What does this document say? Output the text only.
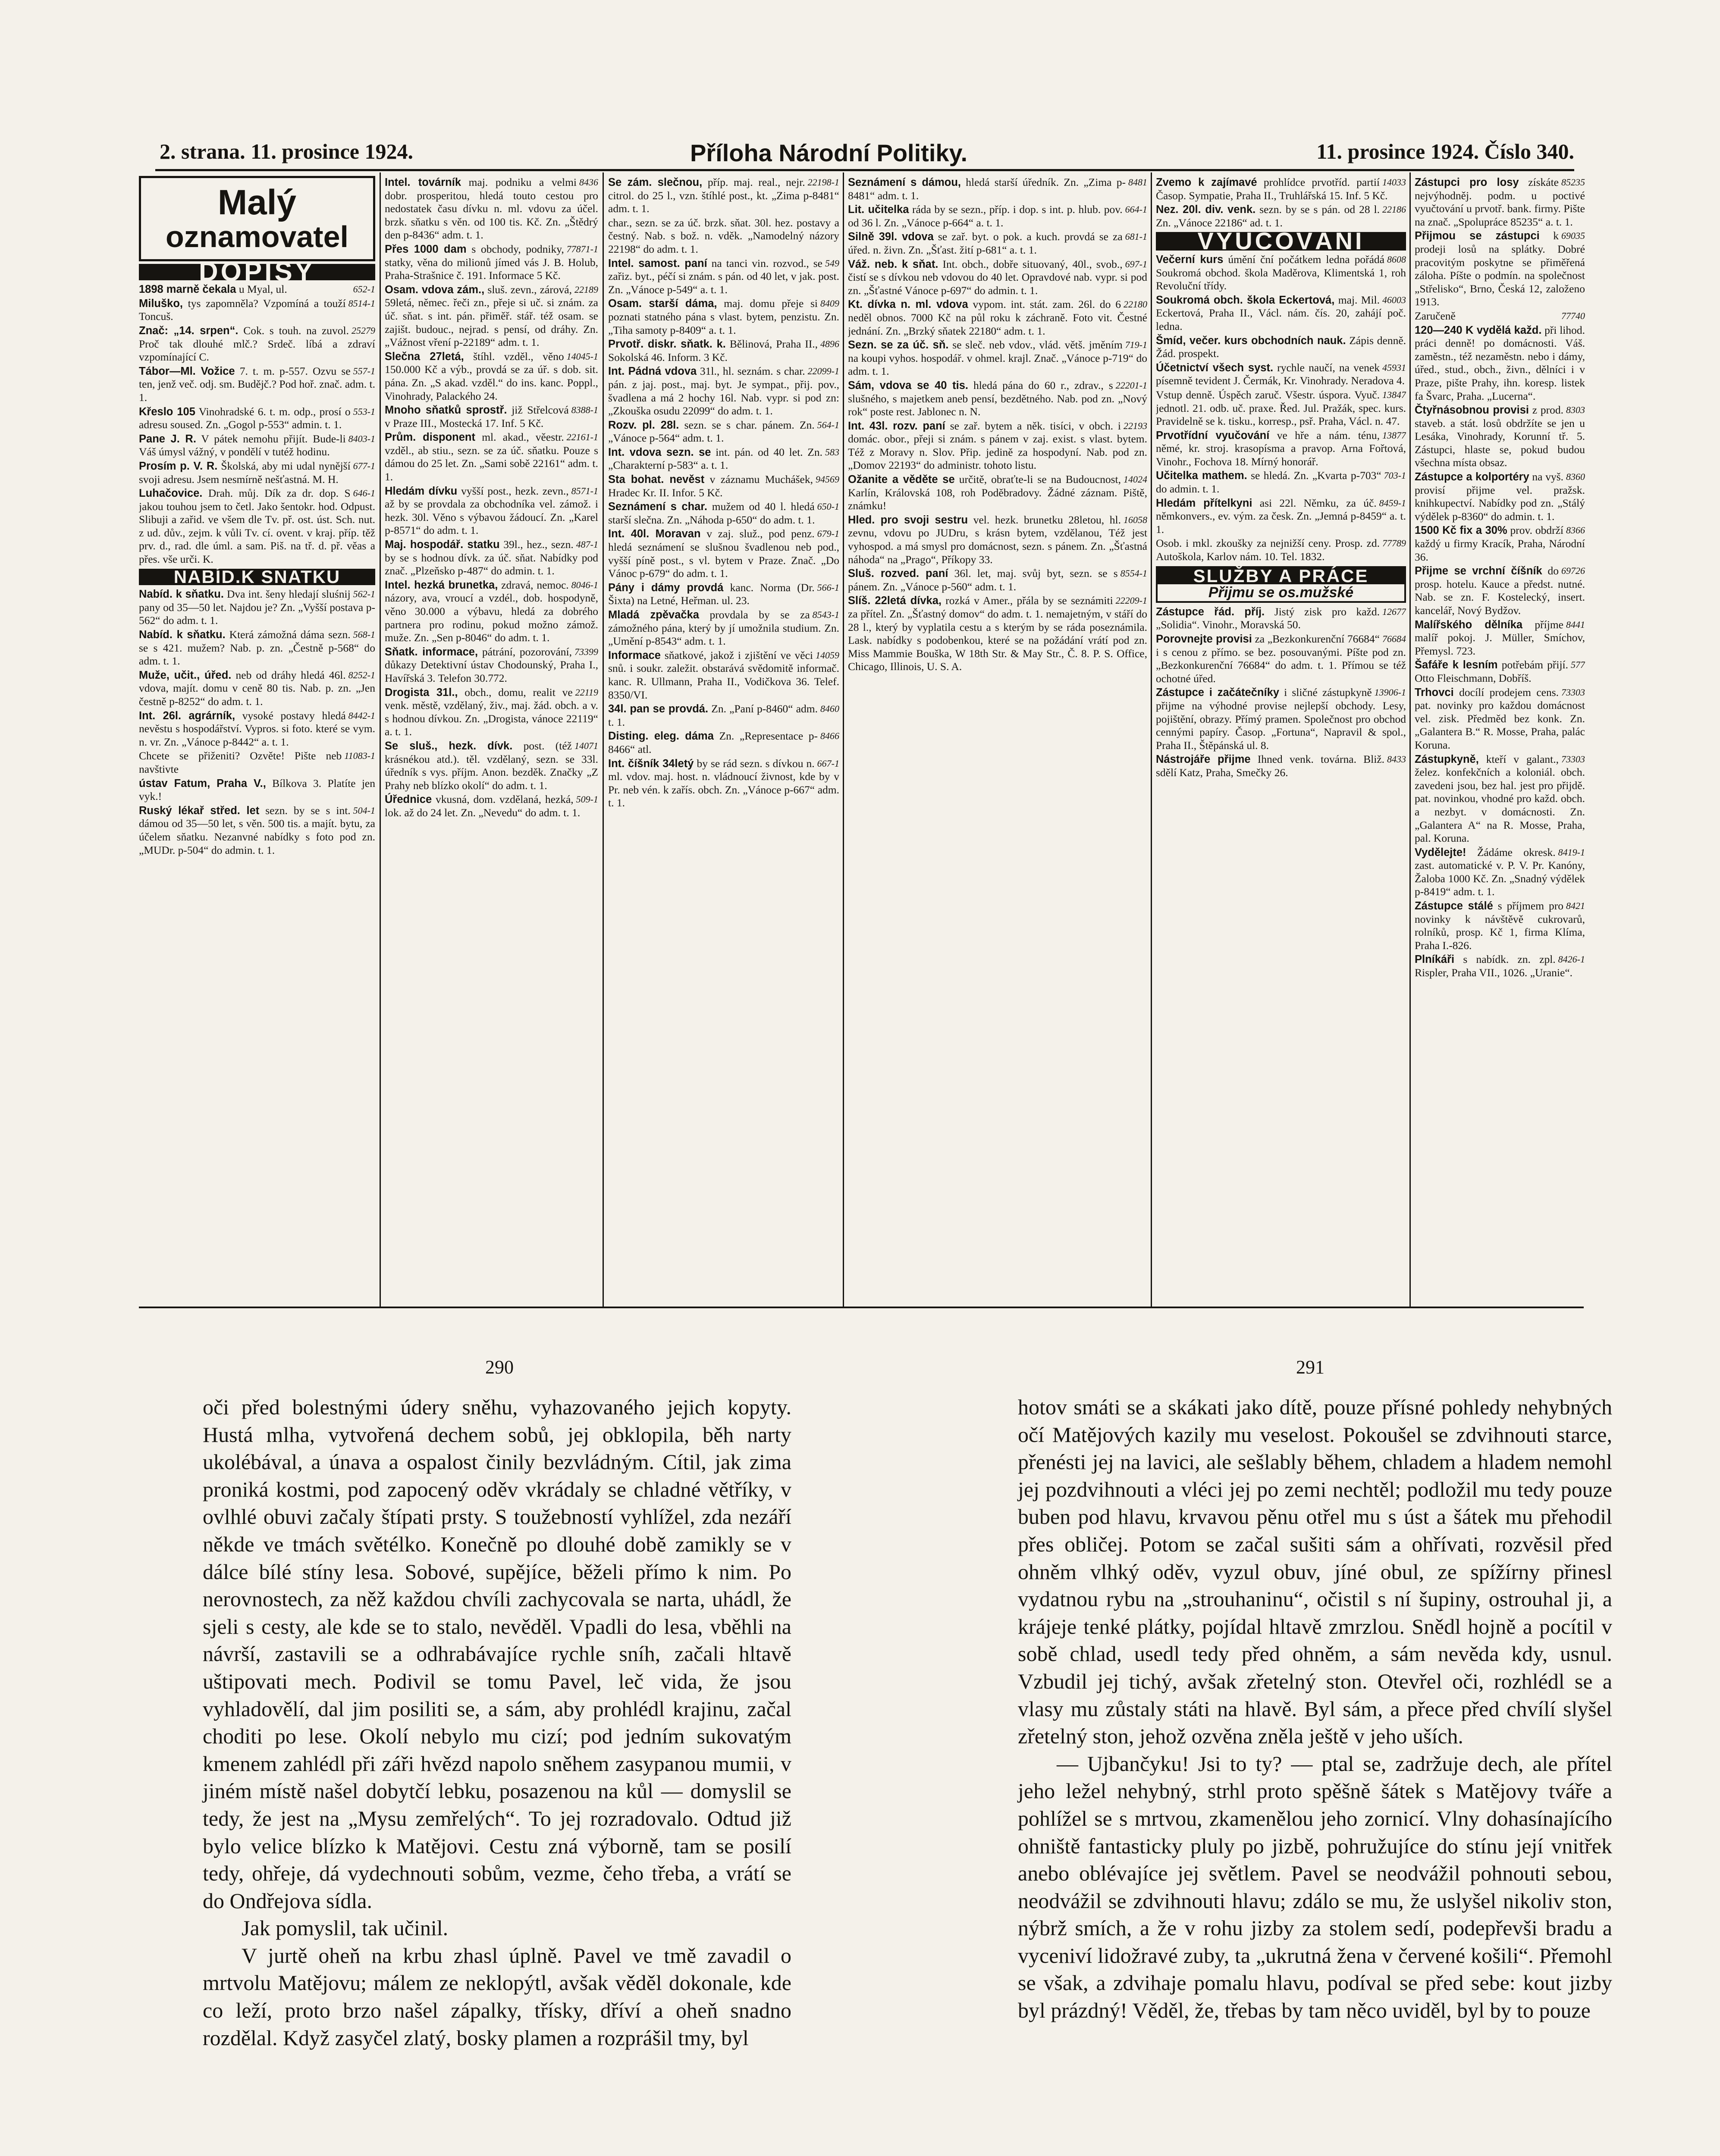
2. strana. 11. prosince 1924.	Příloha Národní Politiky.	11. prosince 1924. Číslo 340.
Malý
oznamovatel
DOPISY
652-1
1898 marně čekala u Myal, ul.
8514-1
Miluško, tys zapomněla? Vzpomíná a touží Toncuš.
25279
Znač: „14. srpen“. Cok. s touh. na zuvol. Proč tak dlouhé mlč.? Srdeč. líbá a zdraví vzpomínající C.
557-1
Tábor—Ml. Vožice 7. t. m. p-557. Ozvu se ten, jenž več. odj. sm. Budějč.? Pod hoř. znač. adm. t. 1.
553-1
Křeslo 105 Vinohradské 6. t. m. odp., prosí o adresu soused. Zn. „Gogol p-553“ admin. t. 1.
8403-1
Pane J. R. V pátek nemohu přijít. Bude-li Váš úmysl vážný, v pondělí v tutéž hodinu.
677-1
Prosím p. V. R. Školská, aby mi udal nynější svoji adresu. Jsem nesmírně nešťastná. M. H.
646-1
Luhačovice. Drah. můj. Dík za dr. dop. S jakou touhou jsem to četl. Jako šentokr. hod. Odpust. Slibuji a zařid. ve všem dle Tv. př. ost. úst. Sch. nut. z ud. dův., zejm. k vůli Tv. cí. ovent. v kraj. příp. těž prv. d., rad. dle úml. a sam. Piš. na tř. d. př. věas a přes. vše urči. K.
NABÍD.K SNATKU
562-1
Nabíd. k sňatku. Dva int. šeny hledají sluśnij pany od 35—50 let. Najdou je? Zn. „Vyšší postava p-562“ do adm. t. 1.
568-1
Nabíd. k sňatku. Která zámožná dáma sezn. se s 421. mužem? Nab. p. zn. „Čestně p-568“ do adm. t. 1.
8252-1
Muže, učit., úřed. neb od dráhy hledá 46l. vdova, majít. domu v ceně 80 tis. Nab. p. zn. „Jen čestně p-8252“ do adm. t. 1.
8442-1
Int. 26l. agrárník, vysoké postavy hledá nevěstu s hospodářství. Vypros. si foto. které se vym. n. vr. Zn. „Vánoce p-8442“ a. t. 1.
11083-1
Chcete se přiženiti? Ozvěte! Pište neb navštivte
ústav Fatum, Praha V., Bílkova 3. Platíte jen vyk.!
504-1
Ruský lékař střed. let sezn. by se s int. dámou od 35—50 let, s věn. 500 tis. a majít. bytu, za účelem sňatku. Nezanvné nabídky s foto pod zn. „MUDr. p-504“ do admin. t. 1.
8436
Intel. továrník maj. podniku a velmi dobr. prosperitou, hledá touto cestou pro nedostatek času dívku n. ml. vdovu za účel. brzk. sňatku s věn. od 100 tis. Kč. Zn. „Štědrý den p-8436“ adm. t. 1.
77871-1
Přes 1000 dam s obchody, podniky, statky, věna do milionů jímed vás J. B. Holub, Praha-Strašnice č. 191. Informace 5 Kč.
22189
Osam. vdova zám., sluš. zevn., zárová, 59letá, němec. řeči zn., přeje si uč. si znám. za úč. sňat. s int. pán. přiměř. stář. též osam. se zajišt. budouc., nejrad. s pensí, od dráhy. Zn. „Vážnost vření p-22189“ adm. t. 1.
14045-1
Slečna 27letá, štíhl. vzděl., věno 150.000 Kč a výb., provdá se za úř. s dob. sit. pána. Zn. „S akad. vzděl.“ do ins. kanc. Poppl., Vinohrady, Palackého 24.
8388-1
Mnoho sňatků sprostř. již Střelcová v Praze III., Mostecká 17. Inf. 5 Kč.
22161-1
Prům. disponent ml. akad., věestr. vzděl., ab stiu., sezn. se za úč. sňatku. Pouze s dámou do 25 let. Zn. „Sami sobě 22161“ adm. t. 1.
8571-1
Hledám dívku vyšší post., hezk. zevn., až by se provdala za obchodníka vel. zámož. i hezk. 30l. Věno s výbavou žádoucí. Zn. „Karel p-8571“ do adm. t. 1.
487-1
Maj. hospodář. statku 39l., hez., sezn. by se s hodnou dívk. za úč. sňat. Nabídky pod znač. „Plzeňsko p-487“ do admin. t. 1.
8046-1
Intel. hezká brunetka, zdravá, nemoc. názory, ava, vroucí a vzdél., dob. hospodyně, věno 30.000 a výbavu, hledá za dobrého partnera pro rodinu, pokud možno zámož. muže. Zn. „Sen p-8046“ do adm. t. 1.
73399
Sňatk. informace, pátrání, pozorování, důkazy Detektivní ústav Chodounský, Praha I., Havířská 3. Telefon 30.772.
22119
Drogista 31l., obch., domu, realit ve venk. městě, vzdělaný, živ., maj. žád. obch. a v. s hodnou dívkou. Zn. „Drogista, vánoce 22119“ a. t. 1.
14071
Se sluš., hezk. dívk. post. (též krásnékou atd.). těl. vzdělaný, sezn. se 33l. úředník s vys. příjm. Anon. bezděk. Značky „Z Prahy neb blízko okolí“ do adm. t. 1.
509-1
Úřednice vkusná, dom. vzdělaná, hezká, lok. až do 24 let. Zn. „Nevedu“ do adm. t. 1.
22198-1
Se zám. slečnou, příp. maj. real., nejr. citrol. do 25 l., vzn. štíhlé post., kt. „Zima p-8481“ adm. t. 1.
char., sezn. se za úč. brzk. sňat. 30l. hez. postavy a čestný. Nab. s bož. n. vděk. „Namodelný názory 22198“ do adm. t. 1.
549
Intel. samost. paní na tanci vin. rozvod., se zařiz. byt., péčí si znám. s pán. od 40 let, v jak. post. Zn. „Vánoce p-549“ a. t. 1.
8409
Osam. starší dáma, maj. domu přeje si poznati statného pána s vlast. bytem, penzistu. Zn. „Tiha samoty p-8409“ a. t. 1.
4896
Prvotř. diskr. sňatk. k. Bělinová, Praha II., Sokolská 46. Inform. 3 Kč.
22099-1
Int. Pádná vdova 31l., hl. seznám. s char. pán. z jaj. post., maj. byt. Je sympat., přij. pov., švadlena a má 2 hochy 16l. Nab. vypr. si pod zn: „Zkouška osudu 22099“ do adm. t. 1.
564-1
Rozv. pl. 28l. sezn. se s char. pánem. Zn. „Vánoce p-564“ adm. t. 1.
583
Int. vdova sezn. se int. pán. od 40 let. Zn. „Charakterní p-583“ a. t. 1.
94569
Sta bohat. nevěst v záznamu Muchášek, Hradec Kr. II. Infor. 5 Kč.
650-1
Seznámení s char. mužem od 40 l. hledá starší slečna. Zn. „Náhoda p-650“ do adm. t. 1.
679-1
Int. 40l. Moravan v zaj. služ., pod penz. hledá seznámení se slušnou švadlenou neb pod., vyšší píně post., s vl. bytem v Praze. Znač. „Do Vánoc p-679“ do adm. t. 1.
566-1
Pány i dámy provdá kanc. Norma (Dr. Šixta) na Letné, Heřman. ul. 23.
8543-1
Mladá zpěvačka provdala by se za zámožného pána, který by jí umožnila studium. Zn. „Umění p-8543“ adm. t. 1.
14059
Informace sňatkové, jakož i zjištění ve věci snů. i soukr. zaležit. obstarává svědomitě informač. kanc. R. Ullmann, Praha II., Vodičkova 36. Telef. 8350/VI.
8460
34l. pan se provdá. Zn. „Paní p-8460“ adm. t. 1.
8466
Disting. eleg. dáma Zn. „Representace p-8466“ atl.
667-1
Int. číšník 34letý by se rád sezn. s dívkou n. ml. vdov. maj. host. n. vládnoucí živnost, kde by v Pr. neb vén. k zařís. obch. Zn. „Vánoce p-667“ adm. t. 1.
8481
Seznámení s dámou, hledá starší úředník. Zn. „Zima p-8481“ adm. t. 1.
664-1
Lit. učitelka ráda by se sezn., příp. i dop. s int. p. hlub. pov. od 36 l. Zn. „Vánoce p-664“ a. t. 1.
681-1
Silně 39l. vdova se zař. byt. o pok. a kuch. provdá se za úřed. n. živn. Zn. „Šťast. žití p-681“ a. t. 1.
697-1
Váž. neb. k sňat. Int. obch., dobře situovaný, 40l., svob., čistí se s dívkou neb vdovou do 40 let. Opravdové nab. vypr. si pod zn. „Šťastné Vánoce p-697“ do admin. t. 1.
22180
Kt. dívka n. ml. vdova vypom. int. stát. zam. 26l. do 6 neděl obnos. 7000 Kč na půl roku k záchraně. Foto vit. Čestné jednání. Zn. „Brzký sňatek 22180“ adm. t. 1.
719-1
Sezn. se za úč. sň. se sleč. neb vdov., vlád. větš. jměním na koupi vyhos. hospodář. v ohmel. krajl. Znač. „Vánoce p-719“ do adm. t. 1.
22201-1
Sám, vdova se 40 tis. hledá pána do 60 r., zdrav., s slušného, s majetkem aneb pensí, bezdětného. Nab. pod zn. „Nový rok“ poste rest. Jablonec n. N.
22193
Int. 43l. rozv. paní se zař. bytem a něk. tisíci, v obch. i domác. obor., přeji si znám. s pánem v zaj. exist. s vlast. bytem. Též z Moravy n. Slov. Přip. jedině za hospodyní. Nab. pod zn. „Domov 22193“ do administr. tohoto listu.
14024
Ožanite a věděte se určitě, obraťte-li se na Budoucnost, Karlín, Královská 108, roh Poděbradovy. Žádné záznam. Piště, známku!
16058
Hled. pro svoji sestru vel. hezk. brunetku 28letou, hl. zevnu, vdovu po JUDru, s krásn bytem, vzdělanou, Též jest vyhospod. a má smysl pro domácnost, sezn. s pánem. Zn. „Šťastná náhoda“ na „Prago“, Příkopy 33.
8554-1
Sluš. rozved. paní 36l. let, maj. svůj byt, sezn. se s pánem. Zn. „Vánoce p-560“ adm. t. 1.
22209-1
Slíš. 22letá dívka, rozká v Amer., přála by se seznámiti za přítel. Zn. „Šťastný domov“ do adm. t. 1. nemajetným, v stáří do 28 l., který by vyplatila cestu a s kterým by se ráda poseznámila. Lask. nabídky s podobenkou, které se na požádání vrátí pod zn. Miss Mammie Bouška, W 18th Str. & May Str., Č. 8. P. S. Office, Chicago, Illinois, U. S. A.
14033
Zvemo k zajímavé prohlídce prvotříd. partií Časop. Sympatie, Praha II., Truhlářská 15. Inf. 5 Kč.
22186
Nez. 20l. div. venk. sezn. by se s pán. od 28 l. Zn. „Vánoce 22186“ ad. t. 1.
VYUČOVÁNÍ
8608
Večerní kurs úmění ční počátkem ledna pořádá Soukromá obchod. škola Maděrova, Klimentská 1, roh Revoluční třídy.
46003
Soukromá obch. škola Eckertová, maj. Mil. Eckertová, Praha II., Václ. nám. čís. 20, zahájí poč. ledna.
Šmíd, večer. kurs obchodních nauk. Zápis denně. Žád. prospekt.
45931
Účetnictví všech syst. rychle naučí, na venek písemně tevident J. Čermák, Kr. Vinohrady. Neradova 4.
13847
Vstup denně. Úspěch zaruč. Všestr. úspora. Vyuč. jednotl. 21. odb. uč. praxe. Řed. Jul. Pražák, spec. kurs. Pravidelně se k. tisku., korresp., psř. Praha, Václ. n. 47.
13877
Prvotřídní vyučování ve hře a nám. ténu, němé, kr. stroj. krasopísma a pravop. Arna Fořtová, Vinohr., Fochova 18. Mírný honorář.
703-1
Učitelka mathem. se hledá. Zn. „Kvarta p-703“ do admin. t. 1.
8459-1
Hledám přítelkyni asi 22l. Němku, za úč. němkonvers., ev. vým. za česk. Zn. „Jemná p-8459“ a. t. 1.
77789
Osob. i mkl. zkoušky za nejnižší ceny. Prosp. zd. Autoškola, Karlov nám. 10. Tel. 1832.
SLUŽBY A PRÁCE
Přijmu se os.mužské
12677
Zástupce řád. příj. Jistý zisk pro každ. „Solidia“. Vinohr., Moravská 50.
76684
Porovnejte provisi za „Bezkonkurenční 76684“ i s cenou z přímo. se bez. posouvanými. Píšte pod zn. „Bezkonkurenční 76684“ do adm. t. 1. Přímou se též ochotné úřed.
13906-1
Zástupce i začátečníky i sličné zástupkyně přijme na výhodné provise nejlepší obchody. Lesy, pojištění, obrazy. Přímý pramen. Společnost pro obchod cennými papíry. Časop. „Fortuna“, Napravil & spol., Praha II., Štěpánská ul. 8.
8433
Nástrojáře přijme Ihned venk. továrna. Bliž. sdělí Katz, Praha, Smečky 26.
85235
Zástupci pro losy získáte nejvýhodněj. podm. u poctivé vyučtování u prvotř. bank. firmy. Pište na znač. „Spolupráce 85235“ a. t. 1.
69035
Přijmou se zástupci k prodeji losů na splátky. Dobré pracovitým poskytne se přiměřená záloha. Píšte o podmín. na společnost „Střelisko“, Brno, Česká 12, založeno 1913.
77740
Zaručeně
120—240 K vydělá každ. při lihod. práci denně! po domácnosti. Váš. zaměstn., též nezaměstn. nebo i dámy, úřed., stud., obch., živn., dělníci i v Praze, pište Prahy, ihn. koresp. listek fa Švarc, Praha. „Lucerna“.
8303
Čtyřnásobnou provisi z prod. staveb. a stát. losů obdržíte se jen u Lesáka, Vinohrady, Korunní tř. 5. Zástupci, hlaste se, pokud budou všechna místa obsaz.
8360
Zástupce a kolportéry na vyš. provisí přijme vel. pražsk. knihkupectví. Nabídky pod zn. „Stálý výdělek p-8360“ do admin. t. 1.
8366
1500 Kč fix a 30% prov. obdrží každý u firmy Kracík, Praha, Národní 36.
69726
Přijme se vrchní číšník do prosp. hotelu. Kauce a předst. nutné. Nab. se zn. F. Kostelecký, insert. kancelář, Nový Bydžov.
8441
Malířského dělníka příjme malíř pokoj. J. Müller, Smíchov, Přemysl. 723.
577
Šafáře k lesním potřebám přijí. Otto Fleischmann, Dobříš.
73303
Trhovci docílí prodejem cens. pat. novinky pro každou domácnost vel. zisk. Předměd bez konk. Zn. „Galantera B.“ R. Mosse, Praha, palác Koruna.
73303
Zástupkyně, kteří v galant., želez. konfekčních a koloniál. obch. zavedeni jsou, bez hal. jest pro přijdě. pat. novinkou, vhodné pro každ. obch. a nezbyt. v domácnosti. Zn. „Galantera A“ na R. Mosse, Praha, pal. Koruna.
8419-1
Vydělejte! Žádáme okresk. zast. automatické v. P. V. Pr. Kanóny, Žaloba 1000 Kč. Zn. „Snadný výdělek p-8419“ adm. t. 1.
8421
Zástupce stálé s příjmem pro novinky k návštěvě cukrovarů, rolníků, prosp. Kč 1, firma Klíma, Praha I.-826.
8426-1
Plníkáři s nabídk. zn. zpl. Rispler, Praha VII., 1026. „Uranie“.
290	291

oči před bolestnými údery sněhu, vyhazovaného jejich kopyty. Hustá mlha, vytvořená dechem sobů, jej obklopila, běh narty ukolébával, a únava a ospalost činily bezvládným. Cítil, jak zima proniká kostmi, pod zapocený oděv vkrádaly se chladné větříky, v ovlhlé obuvi začaly štípati prsty. S toužebností vyhlížel, zda nezáří někde ve tmách světélko. Konečně po dlouhé době zamikly se v dálce bílé stíny lesa. Sobové, supějíce, běželi přímo k nim. Po nerovnostech, za něž každou chvíli zachycovala se narta, uhádl, že sjeli s cesty, ale kde se to stalo, nevěděl. Vpadli do lesa, vběhli na návrší, zastavili se a odhrabávajíce rychle sníh, začali hltavě uštipovati mech. Podivil se tomu Pavel, leč vida, že jsou vyhladovělí, dal jim posiliti se, a sám, aby prohlédl krajinu, začal choditi po lese. Okolí nebylo mu cizí; pod jedním sukovatým kmenem zahlédl při záři hvězd napolo sněhem zasypanou mumii, v jiném místě našel dobytčí lebku, posazenou na kůl — domyslil se tedy, že jest na „Mysu zemřelých“. To jej rozradovalo. Odtud již bylo velice blízko k Matějovi. Cestu zná výborně, tam se posilí tedy, ohřeje, dá vydechnouti sobům, vezme, čeho třeba, a vrátí se do Ondřejova sídla.

Jak pomyslil, tak učinil.

V jurtě oheň na krbu zhasl úplně. Pavel ve tmě zavadil o mrtvolu Matějovu; málem ze neklopýtl, avšak věděl dokonale, kde co leží, proto brzo našel zápalky, třísky, dříví a oheň snadno rozdělal. Když zasyčel zlatý, bosky plamen a rozprášil tmy, byl

hotov smáti se a skákati jako dítě, pouze přísné pohledy nehybných očí Matějových kazily mu veselost. Pokoušel se zdvihnouti starce, přenésti jej na lavici, ale sešlably během, chladem a hladem nemohl jej pozdvihnouti a vléci jej po zemi nechtěl; podložil mu tedy pouze buben pod hlavu, krvavou pěnu otřel mu s úst a šátek mu přehodil přes obličej. Potom se začal sušiti sám a ohřívati, rozvěsil před ohněm vlhký oděv, vyzul obuv, jíné obul, ze spížírny přinesl vydatnou rybu na „strouhaninu“, očistil s ní šupiny, ostrouhal ji, a krájeje tenké plátky, pojídal hltavě zmrzlou. Snědl hojně a pocítil v sobě chlad, usedl tedy před ohněm, a sám nevěda kdy, usnul. Vzbudil jej tichý, avšak zřetelný ston. Otevřel oči, rozhlédl se a vlasy mu zůstaly státi na hlavě. Byl sám, a přece před chvílí slyšel zřetelný ston, jehož ozvěna zněla ještě v jeho uších.

— Ujbančyku! Jsi to ty? — ptal se, zadržuje dech, ale přítel jeho ležel nehybný, strhl proto spěšně šátek s Matějovy tváře a pohlížel se s mrtvou, zkamenělou jeho zornicí. Vlny dohasínajícího ohniště fantasticky pluly po jizbě, pohružujíce do stínu její vnitřek anebo oblévajíce jej světlem. Pavel se neodvážil pohnouti sebou, neodvážil se zdvihnouti hlavu; zdálo se mu, že uslyšel nikoliv ston, nýbrž smích, a že v rohu jizby za stolem sedí, podepřevši bradu a vyceniví lidožravé zuby, ta „ukrutná žena v červené košili“. Přemohl se však, a zdvihaje pomalu hlavu, podíval se před sebe: kout jizby byl prázdný! Věděl, že, třebas by tam něco uviděl, byl by to pouze
